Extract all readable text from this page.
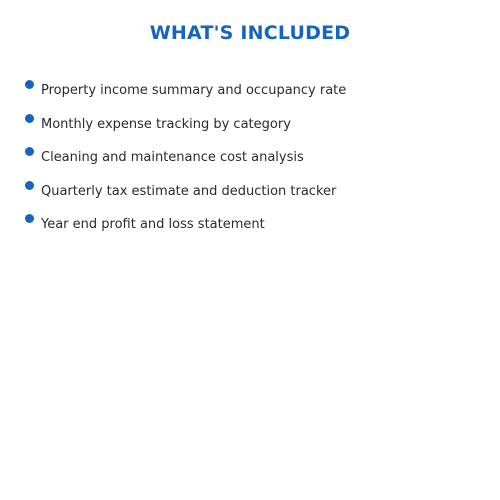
WHAT'S INCLUDED
Property income summary and occupancy rate
Monthly expense tracking by category
Cleaning and maintenance cost analysis
Quarterly tax estimate and deduction tracker
Year end profit and loss statement
